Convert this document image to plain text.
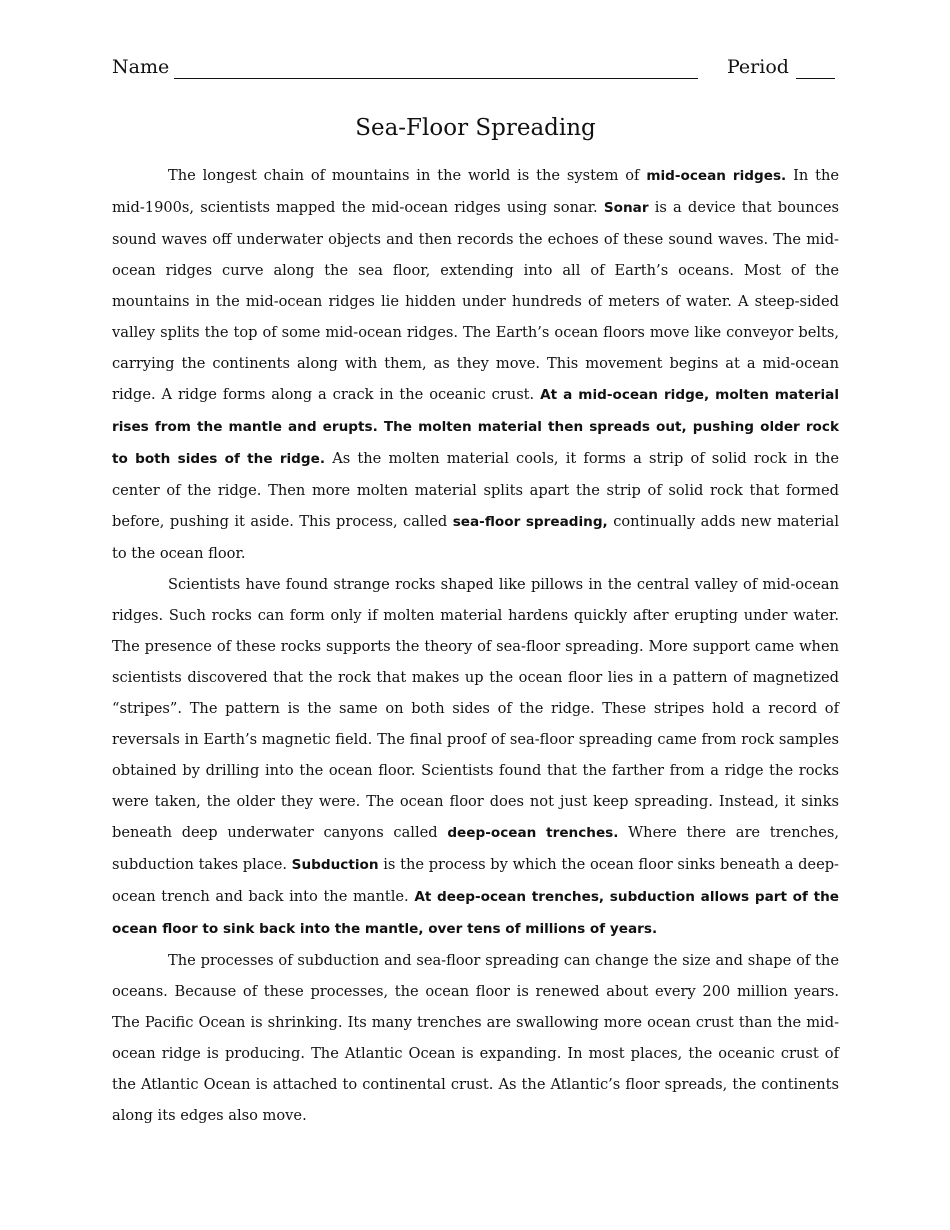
Name	Period
Sea-Floor Spreading

The longest chain of mountains in the world is the system of mid-ocean ridges. In the mid-1900s, scientists mapped the mid-ocean ridges using sonar. Sonar is a device that bounces sound waves off underwater objects and then records the echoes of these sound waves. The mid-ocean ridges curve along the sea floor, extending into all of Earth’s oceans. Most of the mountains in the mid-ocean ridges lie hidden under hundreds of meters of water. A steep-sided valley splits the top of some mid-ocean ridges. The Earth’s ocean floors move like conveyor belts, carrying the continents along with them, as they move. This movement begins at a mid-ocean ridge. A ridge forms along a crack in the oceanic crust. At a mid-ocean ridge, molten material rises from the mantle and erupts. The molten material then spreads out, pushing older rock to both sides of the ridge. As the molten material cools, it forms a strip of solid rock in the center of the ridge. Then more molten material splits apart the strip of solid rock that formed before, pushing it aside. This process, called sea-floor spreading, continually adds new material to the ocean floor.

Scientists have found strange rocks shaped like pillows in the central valley of mid-ocean ridges. Such rocks can form only if molten material hardens quickly after erupting under water. The presence of these rocks supports the theory of sea-floor spreading. More support came when scientists discovered that the rock that makes up the ocean floor lies in a pattern of magnetized “stripes”. The pattern is the same on both sides of the ridge. These stripes hold a record of reversals in Earth’s magnetic field. The final proof of sea-floor spreading came from rock samples obtained by drilling into the ocean floor. Scientists found that the farther from a ridge the rocks were taken, the older they were. The ocean floor does not just keep spreading. Instead, it sinks beneath deep underwater canyons called deep-ocean trenches. Where there are trenches, subduction takes place. Subduction is the process by which the ocean floor sinks beneath a deep-ocean trench and back into the mantle. At deep-ocean trenches, subduction allows part of the ocean floor to sink back into the mantle, over tens of millions of years.

The processes of subduction and sea-floor spreading can change the size and shape of the oceans. Because of these processes, the ocean floor is renewed about every 200 million years. The Pacific Ocean is shrinking. Its many trenches are swallowing more ocean crust than the mid-ocean ridge is producing. The Atlantic Ocean is expanding. In most places, the oceanic crust of the Atlantic Ocean is attached to continental crust. As the Atlantic’s floor spreads, the continents along its edges also move.
